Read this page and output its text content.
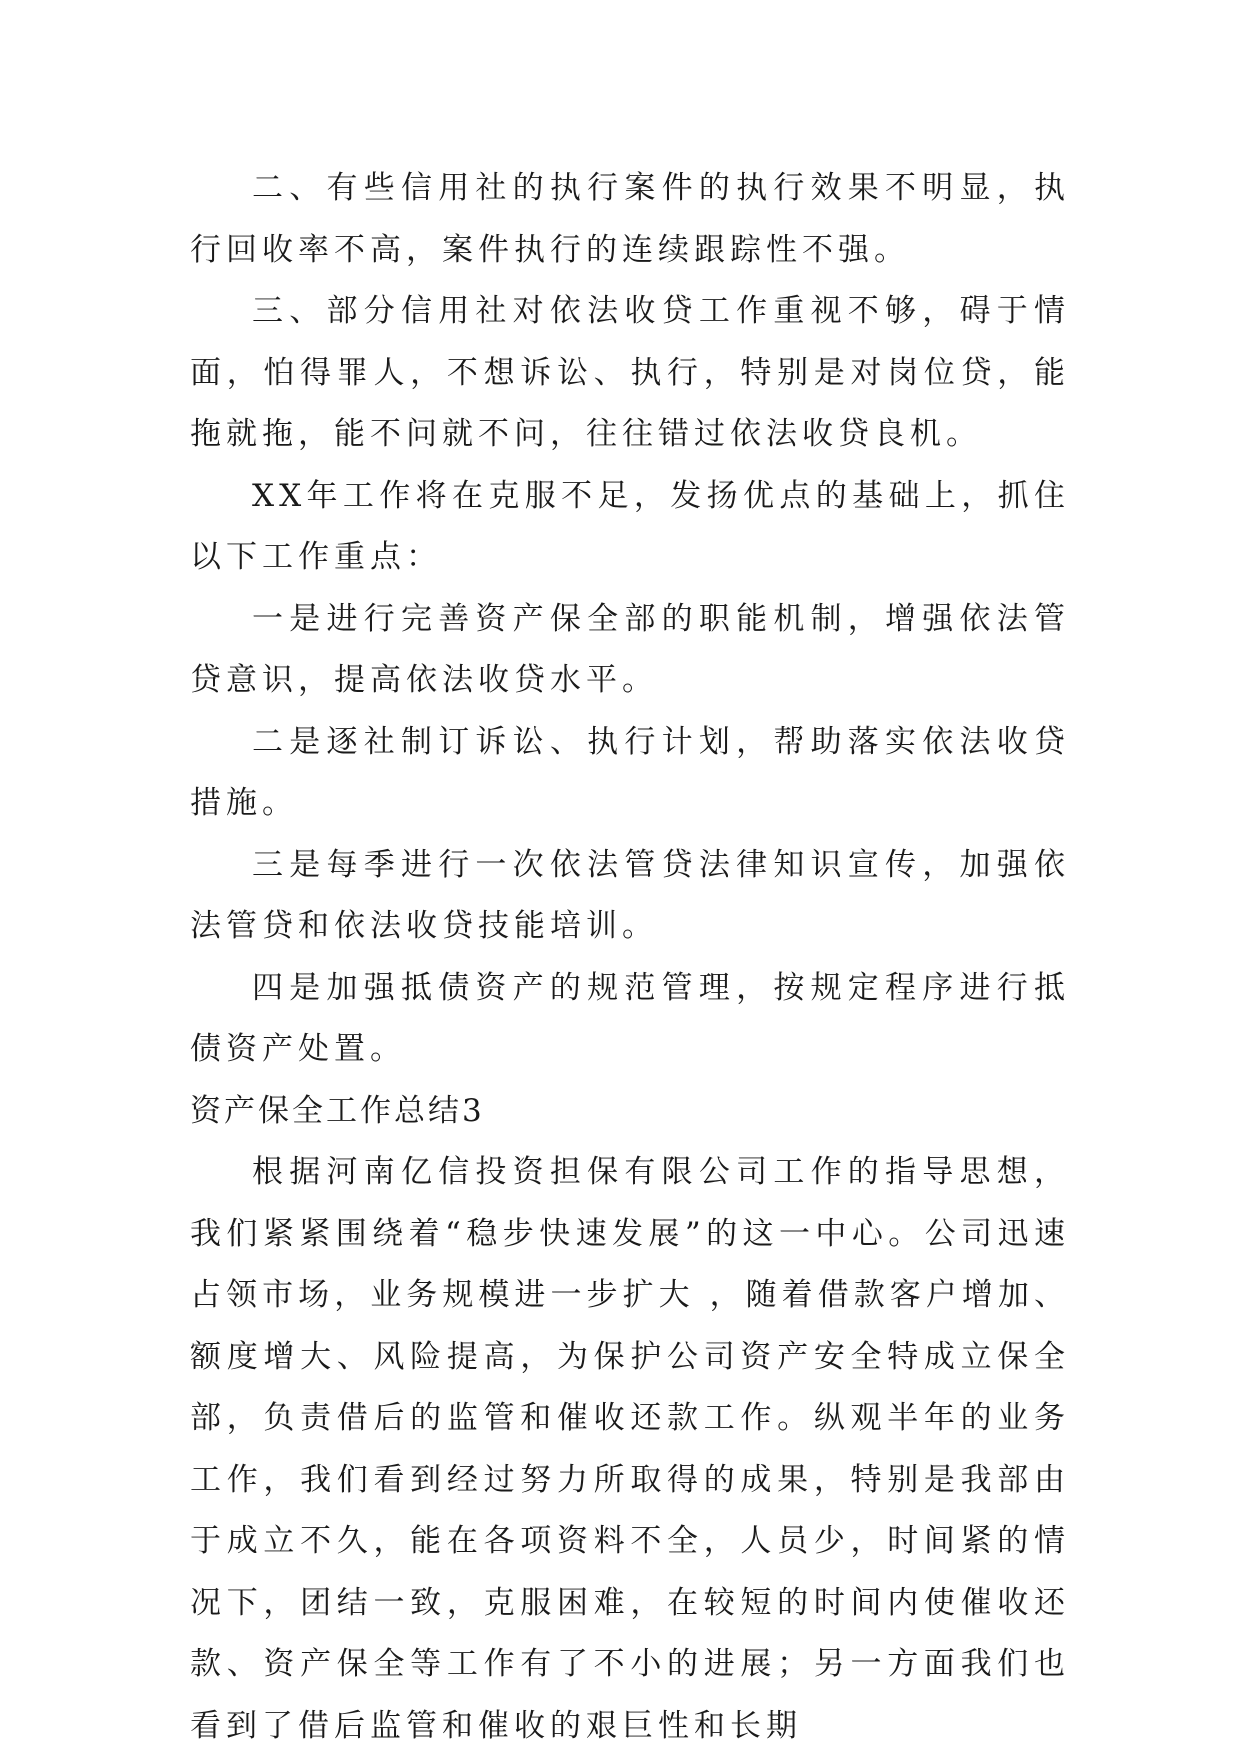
二、有些信用社的执行案件的执行效果不明显，执行回收率不高，案件执行的连续跟踪性不强。

三、部分信用社对依法收贷工作重视不够，碍于情面，怕得罪人，不想诉讼、执行，特别是对岗位贷，能拖就拖，能不问就不问，往往错过依法收贷良机。

XX年工作将在克服不足，发扬优点的基础上，抓住以下工作重点：

一是进行完善资产保全部的职能机制，增强依法管贷意识，提高依法收贷水平。

二是逐社制订诉讼、执行计划，帮助落实依法收贷措施。

三是每季进行一次依法管贷法律知识宣传，加强依法管贷和依法收贷技能培训。

四是加强抵债资产的规范管理，按规定程序进行抵债资产处置。

资产保全工作总结3

根据河南亿信投资担保有限公司工作的指导思想，我们紧紧围绕着“稳步快速发展”的这一中心。公司迅速占领市场，业务规模进一步扩大 ，随着借款客户增加、额度增大、风险提高，为保护公司资产安全特成立保全部，负责借后的监管和催收还款工作。纵观半年的业务工作，我们看到经过努力所取得的成果，特别是我部由于成立不久，能在各项资料不全，人员少，时间紧的情况下，团结一致，克服困难，在较短的时间内使催收还款、资产保全等工作有了不小的进展；另一方面我们也看到了借后监管和催收的艰巨性和长期
